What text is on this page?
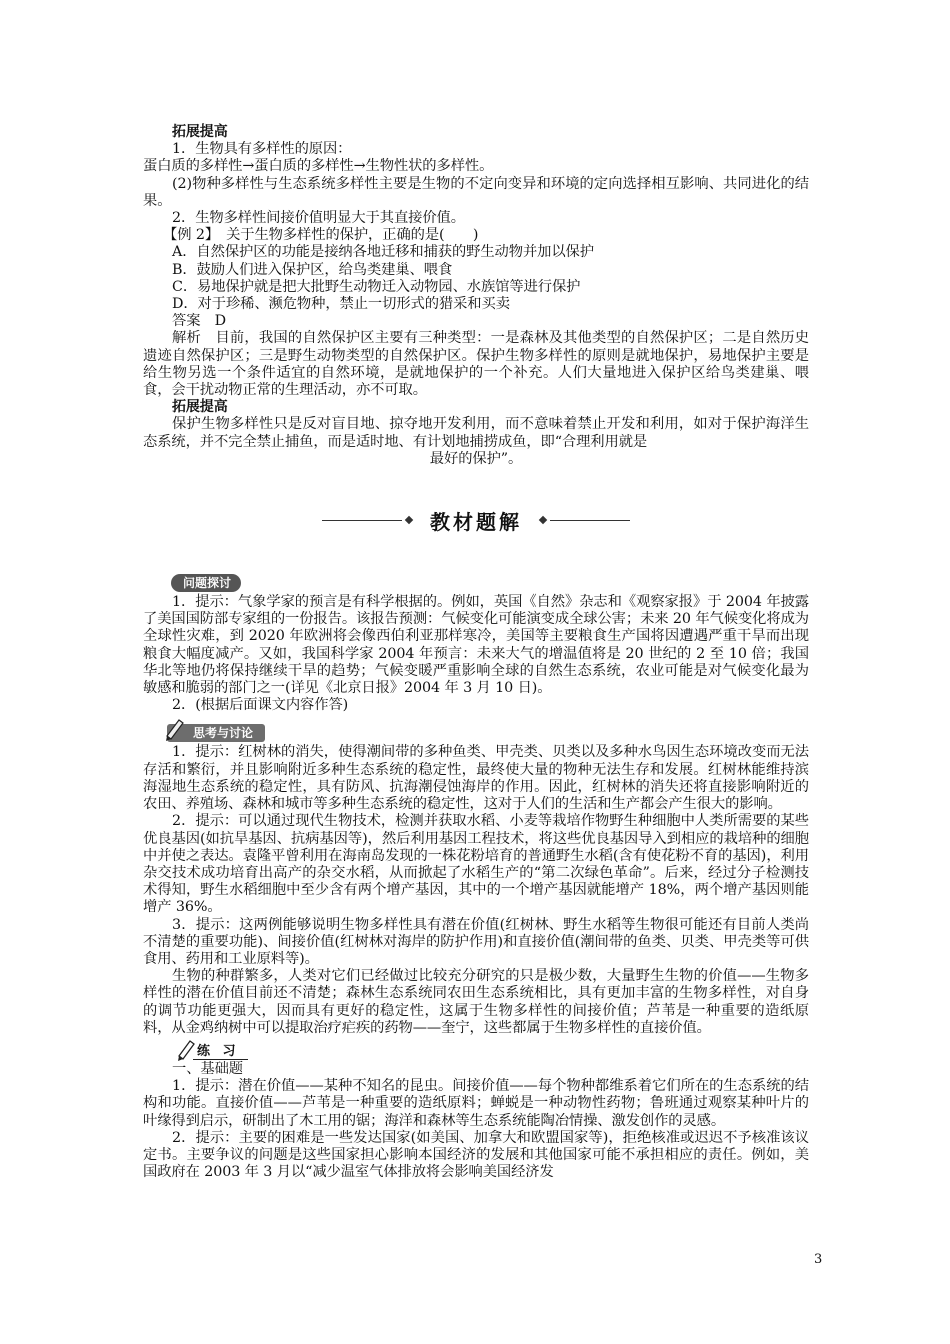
拓展提高

1．生物具有多样性的原因：

蛋白质的多样性→蛋白质的多样性→生物性状的多样性。

(2)物种多样性与生态系统多样性主要是生物的不定向变异和环境的定向选择相互影响、共同进化的结果。

2．生物多样性间接价值明显大于其直接价值。

【例 2】　关于生物多样性的保护，正确的是(　　)

A．自然保护区的功能是接纳各地迁移和捕获的野生动物并加以保护

B．鼓励人们进入保护区，给鸟类建巢、喂食

C．易地保护就是把大批野生动物迁入动物园、水族馆等进行保护

D．对于珍稀、濒危物种，禁止一切形式的猎采和买卖

答案　D

解析　目前，我国的自然保护区主要有三种类型：一是森林及其他类型的自然保护区；二是自然历史遗迹自然保护区；三是野生动物类型的自然保护区。保护生物多样性的原则是就地保护，易地保护主要是给生物另选一个条件适宜的自然环境，是就地保护的一个补充。人们大量地进入保护区给鸟类建巢、喂食，会干扰动物正常的生理活动，亦不可取。

拓展提高

保护生物多样性只是反对盲目地、掠夺地开发利用，而不意味着禁止开发和利用，如对于保护海洋生态系统，并不完全禁止捕鱼，而是适时地、有计划地捕捞成鱼，即“合理利用就是

最好的保护”。

教材题解
问题探讨

1．提示：气象学家的预言是有科学根据的。例如，英国《自然》杂志和《观察家报》于 2004 年披露了美国国防部专家组的一份报告。该报告预测：气候变化可能演变成全球公害；未来 20 年气候变化将成为全球性灾难，到 2020 年欧洲将会像西伯利亚那样寒冷，美国等主要粮食生产国将因遭遇严重干旱而出现粮食大幅度减产。又如，我国科学家 2004 年预言：未来大气的增温值将是 20 世纪的 2 至 10 倍；我国华北等地仍将保持继续干旱的趋势；气候变暖严重影响全球的自然生态系统，农业可能是对气候变化最为敏感和脆弱的部门之一(详见《北京日报》2004 年 3 月 10 日)。

2．(根据后面课文内容作答)

思考与讨论

1．提示：红树林的消失，使得潮间带的多种鱼类、甲壳类、贝类以及多种水鸟因生态环境改变而无法存活和繁衍，并且影响附近多种生态系统的稳定性，最终使大量的物种无法生存和发展。红树林能维持滨海湿地生态系统的稳定性，具有防风、抗海潮侵蚀海岸的作用。因此，红树林的消失还将直接影响附近的农田、养殖场、森林和城市等多种生态系统的稳定性，这对于人们的生活和生产都会产生很大的影响。

2．提示：可以通过现代生物技术，检测并获取水稻、小麦等栽培作物野生种细胞中人类所需要的某些优良基因(如抗旱基因、抗病基因等)，然后利用基因工程技术，将这些优良基因导入到相应的栽培种的细胞中并使之表达。袁隆平曾利用在海南岛发现的一株花粉培育的普通野生水稻(含有使花粉不育的基因)，利用杂交技术成功培育出高产的杂交水稻，从而掀起了水稻生产的“第二次绿色革命”。后来，经过分子检测技术得知，野生水稻细胞中至少含有两个增产基因，其中的一个增产基因就能增产 18%，两个增产基因则能增产 36%。

3．提示：这两例能够说明生物多样性具有潜在价值(红树林、野生水稻等生物很可能还有目前人类尚不清楚的重要功能)、间接价值(红树林对海岸的防护作用)和直接价值(潮间带的鱼类、贝类、甲壳类等可供食用、药用和工业原料等)。

生物的种群繁多，人类对它们已经做过比较充分研究的只是极少数，大量野生生物的价值——生物多样性的潜在价值目前还不清楚；森林生态系统同农田生态系统相比，具有更加丰富的生物多样性，对自身的调节功能更强大，因而具有更好的稳定性，这属于生物多样性的间接价值；芦苇是一种重要的造纸原料，从金鸡纳树中可以提取治疗疟疾的药物——奎宁，这些都属于生物多样性的直接价值。

练 习

一、基础题

1．提示：潜在价值——某种不知名的昆虫。间接价值——每个物种都维系着它们所在的生态系统的结构和功能。直接价值——芦苇是一种重要的造纸原料；蝉蜕是一种动物性药物；鲁班通过观察某种叶片的叶缘得到启示，研制出了木工用的锯；海洋和森林等生态系统能陶冶情操、激发创作的灵感。

2．提示：主要的困难是一些发达国家(如美国、加拿大和欧盟国家等)，拒绝核准或迟迟不予核准该议定书。主要争议的问题是这些国家担心影响本国经济的发展和其他国家可能不承担相应的责任。例如，美国政府在 2003 年 3 月以“减少温室气体排放将会影响美国经济发

3
